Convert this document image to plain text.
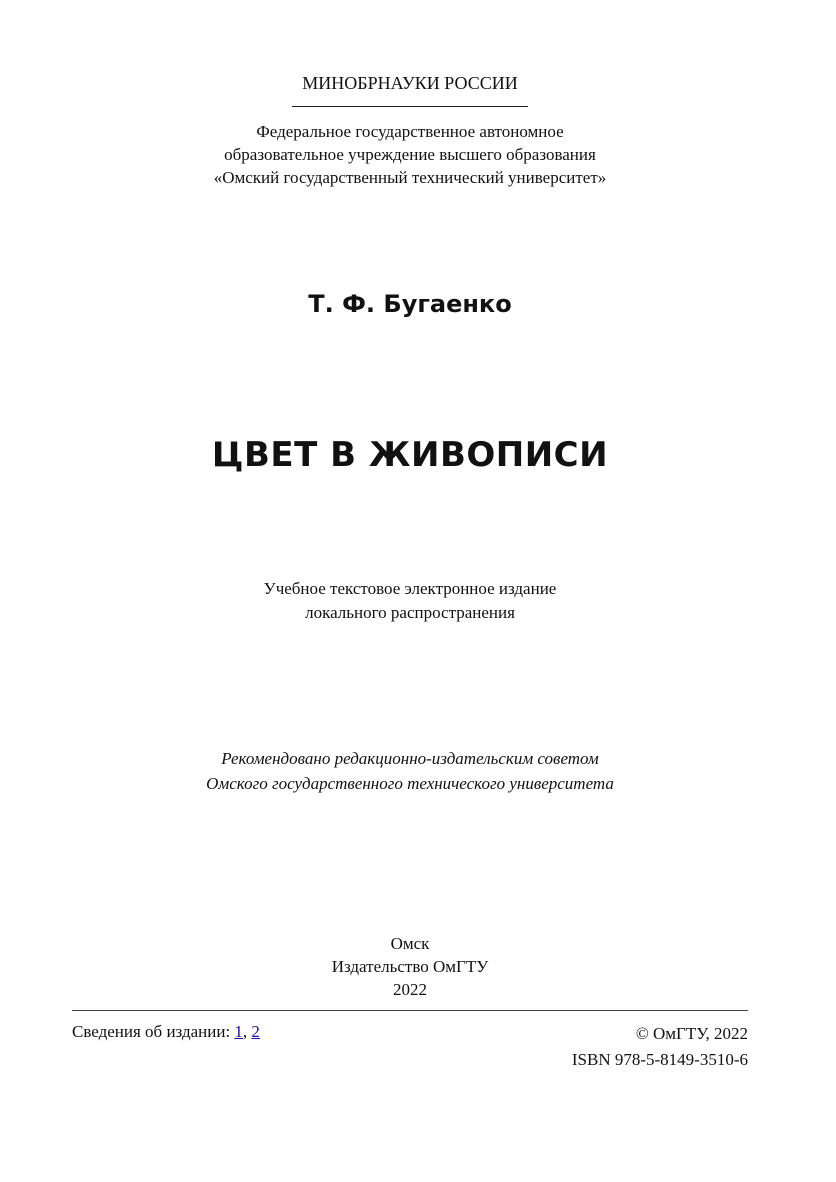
МИНОБРНАУКИ РОССИИ
Федеральное государственное автономное
образовательное учреждение высшего образования
«Омский государственный технический университет»
Т. Ф. Бугаенко
ЦВЕТ В ЖИВОПИСИ
Учебное текстовое электронное издание
локального распространения
Рекомендовано редакционно-издательским советом
Омского государственного технического университета
Омск
Издательство ОмГТУ
2022
Сведения об издании: 1, 2	© ОмГТУ, 2022
ISBN 978-5-8149-3510-6
